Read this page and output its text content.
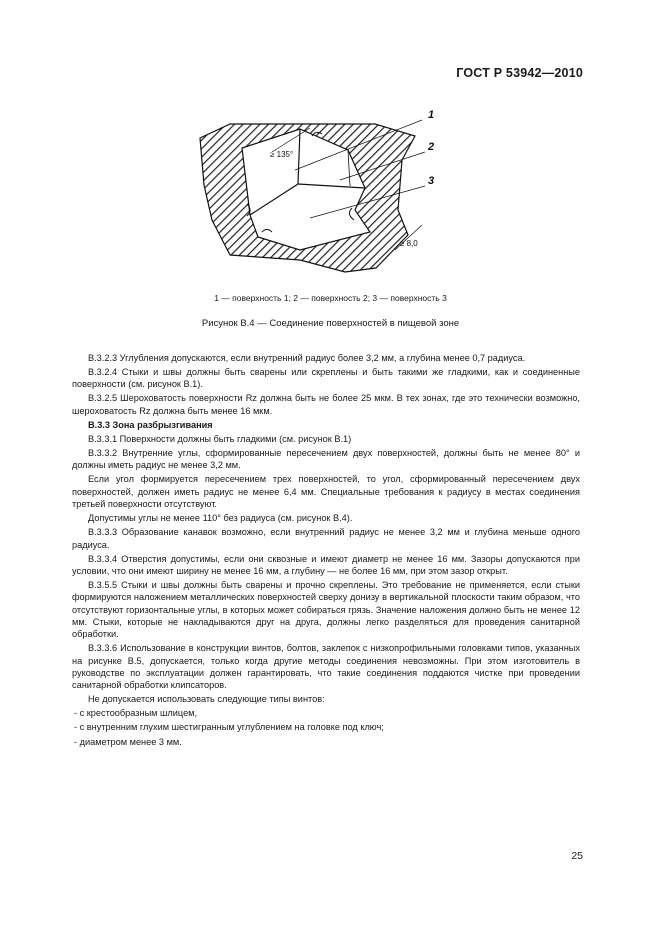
ГОСТ Р 53942—2010
≥ 135°
1
2
3
≥ 8,0
1 — поверхность 1; 2 — поверхность 2; 3 — поверхность 3
Рисунок В.4 — Соединение поверхностей в пищевой зоне

В.3.2.3 Углубления допускаются, если внутренний радиус более 3,2 мм, а глубина менее 0,7 радиуса.

В.3.2.4 Стыки и швы должны быть сварены или скреплены и быть такими же гладкими, как и соединенные поверхности (см. рисунок В.1).

В.3.2.5 Шероховатость поверхности Rz должна быть не более 25 мкм. В тех зонах, где это технически возможно, шероховатость Rz должна быть менее 16 мкм.

В.3.3 Зона разбрызгивания

В.3.3.1 Поверхности должны быть гладкими (см. рисунок В.1)

В.3.3.2 Внутренние углы, сформированные пересечением двух поверхностей, должны быть не менее 80° и должны иметь радиус не менее 3,2 мм.

Если угол формируется пересечением трех поверхностей, то угол, сформированный пересечением двух поверхностей, должен иметь радиус не менее 6,4 мм. Специальные требования к радиусу в местах соединения третьей поверхности отсутствуют.

Допустимы углы не менее 110° без радиуса (см. рисунок В.4).

В.3.3.3 Образование канавок возможно, если внутренний радиус не менее 3,2 мм и глубина меньше одного радиуса.

В.3.3.4 Отверстия допустимы, если они сквозные и имеют диаметр не менее 16 мм. Зазоры допускаются при условии, что они имеют ширину не менее 16 мм, а глубину — не более 16 мм, при этом зазор открыт.

В.3.5.5 Стыки и швы должны быть сварены и прочно скреплены. Это требование не применяется, если стыки формируются наложением металлических поверхностей сверху донизу в вертикальной плоскости таким образом, что отсутствуют горизонтальные углы, в которых может собираться грязь. Значение наложения должно быть не менее 12 мм. Стыки, которые не накладываются друг на друга, должны легко разделяться для проведения санитарной обработки.

В.3.3.6 Использование в конструкции винтов, болтов, заклепок с низкопрофильными головками типов, указанных на рисунке В.5, допускается, только когда другие методы соединения невозможны. При этом изготовитель в руководстве по эксплуатации должен гарантировать, что такие соединения поддаются чистке при проведении санитарной обработки клипсаторов.

Не допускается использовать следующие типы винтов:

- с крестообразным шлицем,
- с внутренним глухим шестигранным углублением на головке под ключ;
- диаметром менее 3 мм.
25
